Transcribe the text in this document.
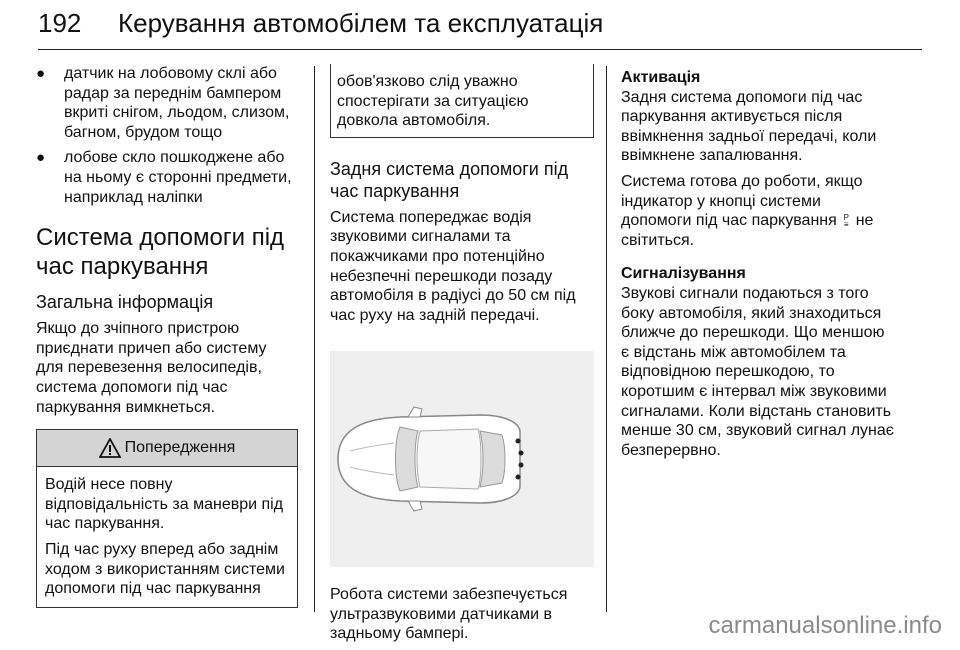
192 Керування автомобілем та експлуатація
●	датчик на лобовому склі або радар за переднім бампером вкриті снігом, льодом, слизом, багном, брудом тощо
●	лобове скло пошкоджене або на ньому є сторонні предмети, наприклад наліпки
Система допомоги під час паркування
Загальна інформація

Якщо до зчіпного пристрою приєднати причеп або систему для перевезення велосипедів, система допомоги під час паркування вимкнеться.

Попередження

Водій несе повну відповідальність за маневри під час паркування.

Під час руху вперед або заднім ходом з використанням системи допомоги під час паркування

обов'язково слід уважно спостерігати за ситуацією довкола автомобіля.
Задня система допомоги під час паркування

Система попереджає водія звуковими сигналами та покажчиками про потенційно небезпечні перешкоди позаду автомобіля в радіусі до 50 см під час руху на задній передачі.

Робота системи забезпечується ультразвуковими датчиками в задньому бампері.

Активація

Задня система допомоги під час паркування активується після ввімкнення задньої передачі, коли ввімкнене запалювання.

Система готова до роботи, якщо індикатор у кнопці системи допомоги під час паркування P
≡ не світиться.

Сигналізування

Звукові сигнали подаються з того боку автомобіля, який знаходиться ближче до перешкоди. Що меншою є відстань між автомобілем та відповідною перешкодою, то коротшим є інтервал між звуковими сигналами. Коли відстань становить менше 30 см, звуковий сигнал лунає безперервно.

carmanualsonline.info
